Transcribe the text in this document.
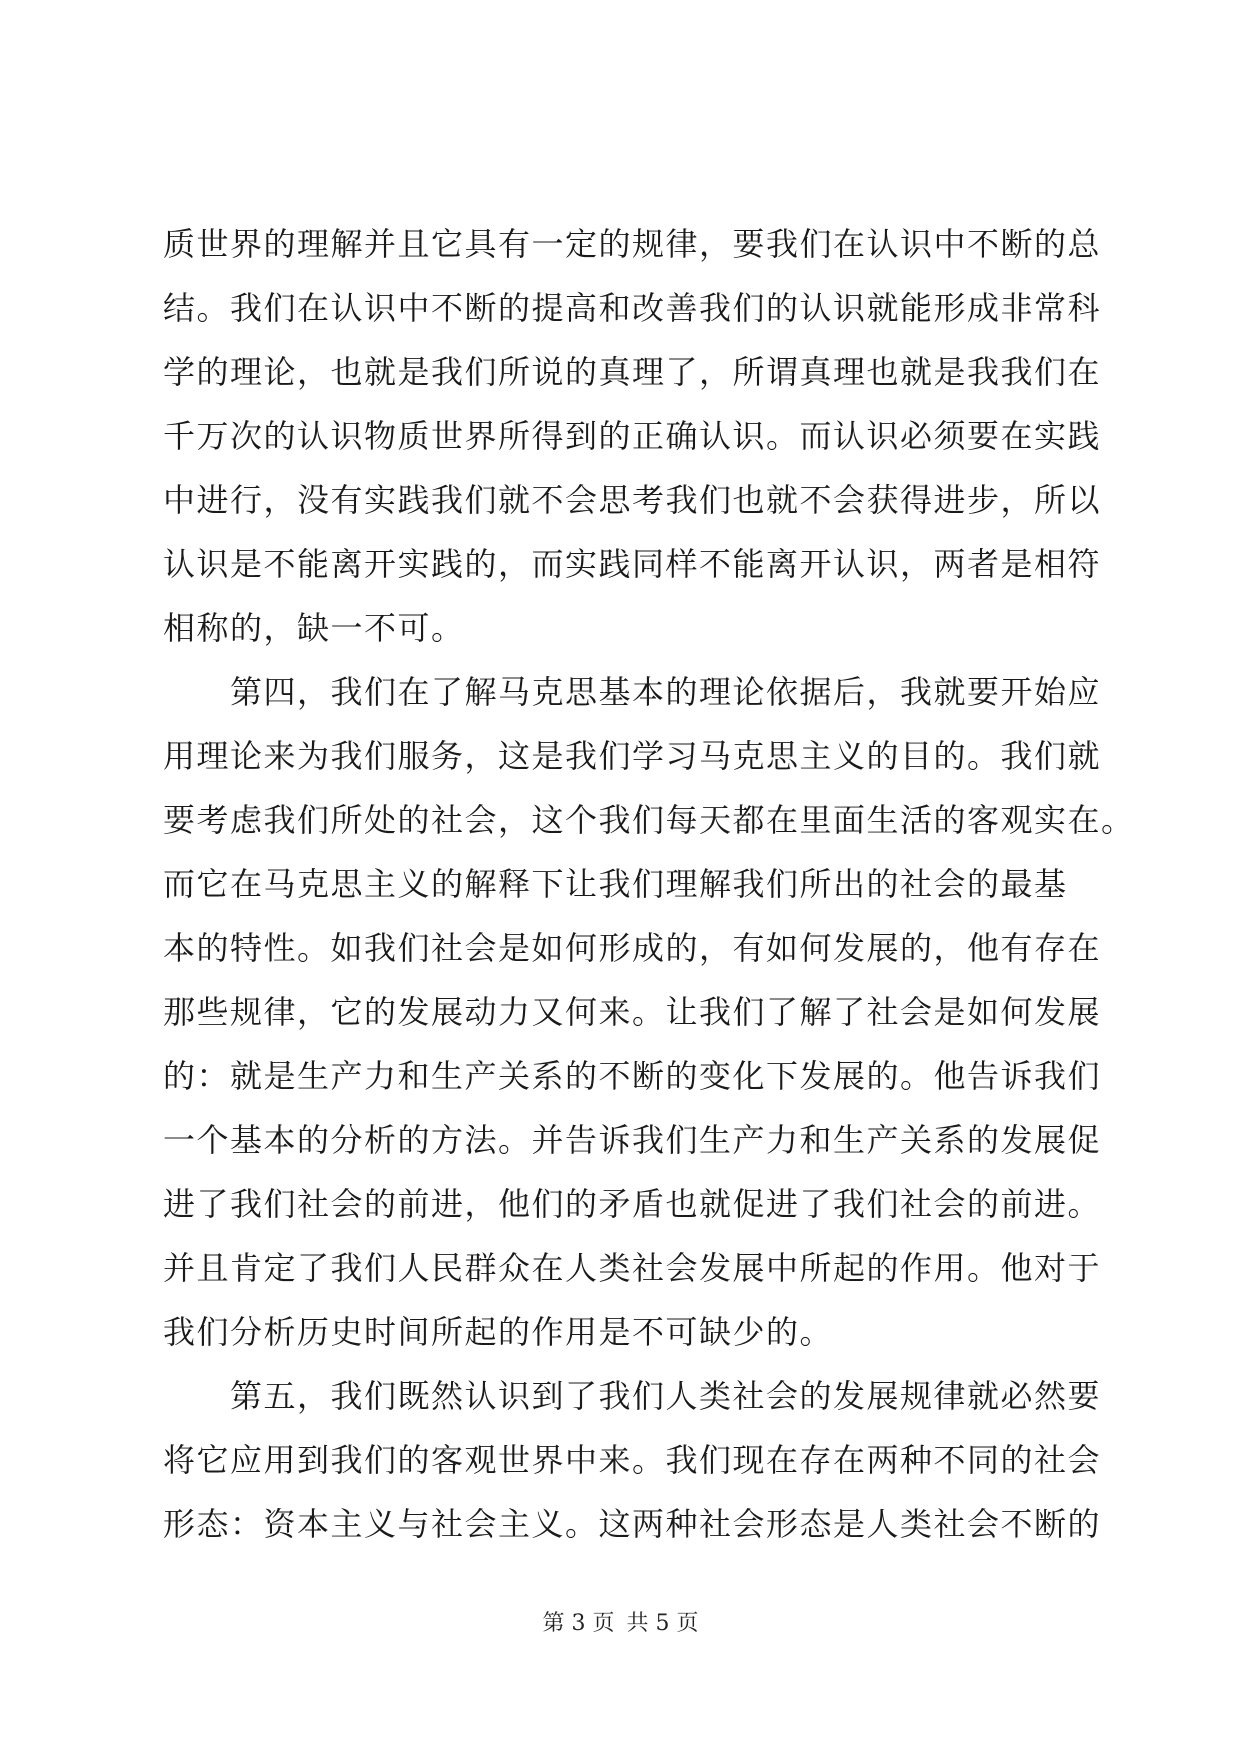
质世界的理解并且它具有一定的规律，要我们在认识中不断的总
结。我们在认识中不断的提高和改善我们的认识就能形成非常科
学的理论，也就是我们所说的真理了，所谓真理也就是我我们在
千万次的认识物质世界所得到的正确认识。而认识必须要在实践
中进行，没有实践我们就不会思考我们也就不会获得进步，所以
认识是不能离开实践的，而实践同样不能离开认识，两者是相符
相称的，缺一不可。
　　第四，我们在了解马克思基本的理论依据后，我就要开始应
用理论来为我们服务，这是我们学习马克思主义的目的。我们就
要考虑我们所处的社会，这个我们每天都在里面生活的客观实在。
而它在马克思主义的解释下让我们理解我们所出的社会的最基
本的特性。如我们社会是如何形成的，有如何发展的，他有存在
那些规律，它的发展动力又何来。让我们了解了社会是如何发展
的：就是生产力和生产关系的不断的变化下发展的。他告诉我们
一个基本的分析的方法。并告诉我们生产力和生产关系的发展促
进了我们社会的前进，他们的矛盾也就促进了我们社会的前进。
并且肯定了我们人民群众在人类社会发展中所起的作用。他对于
我们分析历史时间所起的作用是不可缺少的。
　　第五，我们既然认识到了我们人类社会的发展规律就必然要
将它应用到我们的客观世界中来。我们现在存在两种不同的社会
形态：资本主义与社会主义。这两种社会形态是人类社会不断的
第 3 页 共 5 页
